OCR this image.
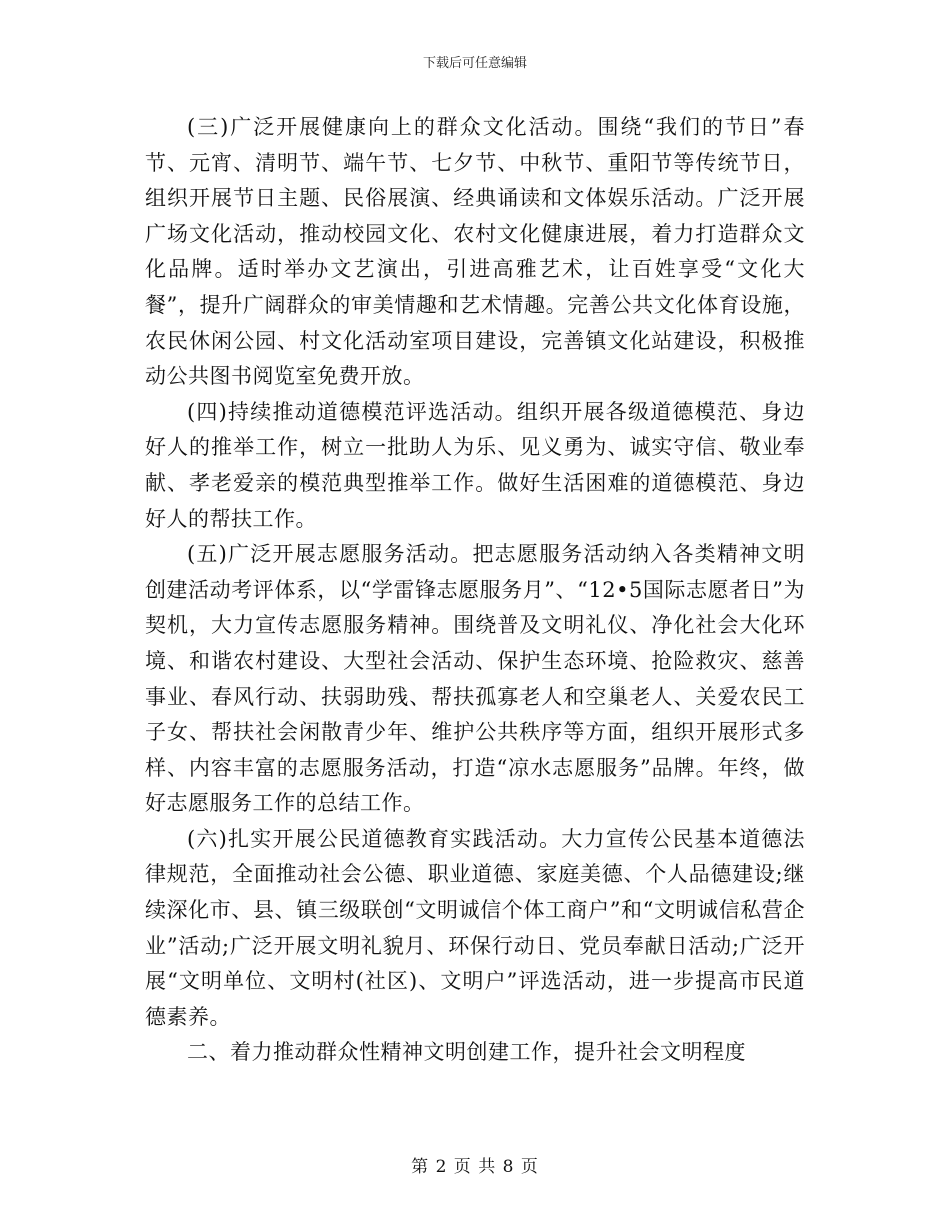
下载后可任意编辑

(三)广泛开展健康向上的群众文化活动。围绕“我们的节日”春节、元宵、清明节、端午节、七夕节、中秋节、重阳节等传统节日，组织开展节日主题、民俗展演、经典诵读和文体娱乐活动。广泛开展广场文化活动，推动校园文化、农村文化健康进展，着力打造群众文化品牌。适时举办文艺演出，引进高雅艺术，让百姓享受“文化大餐”，提升广阔群众的审美情趣和艺术情趣。完善公共文化体育设施，农民休闲公园、村文化活动室项目建设，完善镇文化站建设，积极推动公共图书阅览室免费开放。

(四)持续推动道德模范评选活动。组织开展各级道德模范、身边好人的推举工作，树立一批助人为乐、见义勇为、诚实守信、敬业奉献、孝老爱亲的模范典型推举工作。做好生活困难的道德模范、身边好人的帮扶工作。

(五)广泛开展志愿服务活动。把志愿服务活动纳入各类精神文明创建活动考评体系，以“学雷锋志愿服务月”、“12•5国际志愿者日”为契机，大力宣传志愿服务精神。围绕普及文明礼仪、净化社会大化环境、和谐农村建设、大型社会活动、保护生态环境、抢险救灾、慈善事业、春风行动、扶弱助残、帮扶孤寡老人和空巢老人、关爱农民工子女、帮扶社会闲散青少年、维护公共秩序等方面，组织开展形式多样、内容丰富的志愿服务活动，打造“凉水志愿服务”品牌。年终，做好志愿服务工作的总结工作。

(六)扎实开展公民道德教育实践活动。大力宣传公民基本道德法律规范，全面推动社会公德、职业道德、家庭美德、个人品德建设;继续深化市、县、镇三级联创“文明诚信个体工商户”和“文明诚信私营企业”活动;广泛开展文明礼貌月、环保行动日、党员奉献日活动;广泛开展“文明单位、文明村(社区)、文明户”评选活动，进一步提高市民道德素养。

二、着力推动群众性精神文明创建工作，提升社会文明程度

第 2 页 共 8 页
